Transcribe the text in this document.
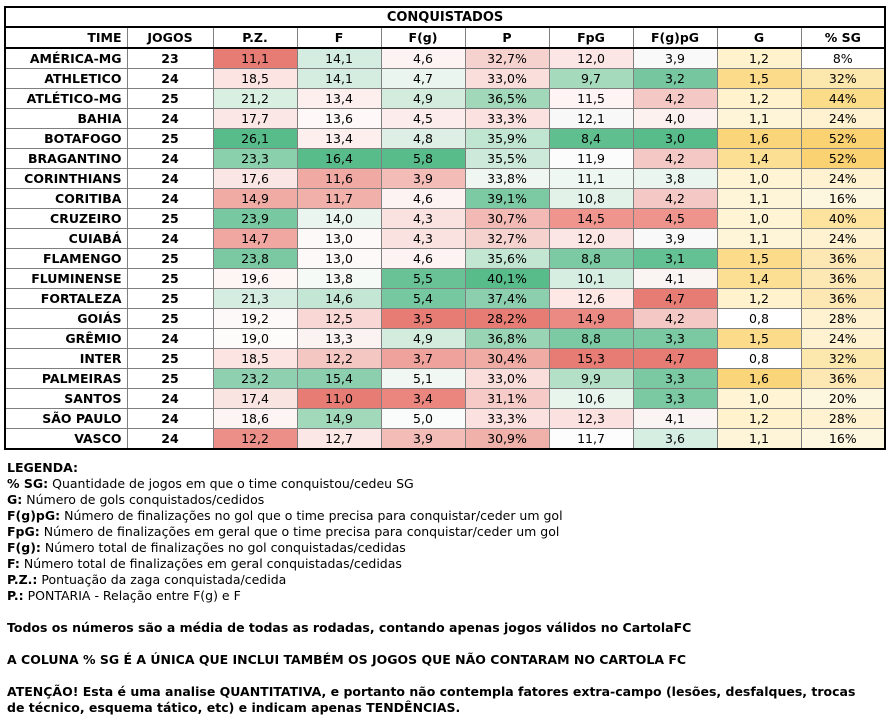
CONQUISTADOS									
TIME	JOGOS	P.Z.	F	F(g)	P	FpG	F(g)pG	G	% SG
AMÉRICA-MG	23	11,1	14,1	4,6	32,7%	12,0	3,9	1,2	8%
ATHLETICO	24	18,5	14,1	4,7	33,0%	9,7	3,2	1,5	32%
ATLÉTICO-MG	25	21,2	13,4	4,9	36,5%	11,5	4,2	1,2	44%
BAHIA	24	17,7	13,6	4,5	33,3%	12,1	4,0	1,1	24%
BOTAFOGO	25	26,1	13,4	4,8	35,9%	8,4	3,0	1,6	52%
BRAGANTINO	24	23,3	16,4	5,8	35,5%	11,9	4,2	1,4	52%
CORINTHIANS	24	17,6	11,6	3,9	33,8%	11,1	3,8	1,0	24%
CORITIBA	24	14,9	11,7	4,6	39,1%	10,8	4,2	1,1	16%
CRUZEIRO	25	23,9	14,0	4,3	30,7%	14,5	4,5	1,0	40%
CUIABÁ	24	14,7	13,0	4,3	32,7%	12,0	3,9	1,1	24%
FLAMENGO	25	23,8	13,0	4,6	35,6%	8,8	3,1	1,5	36%
FLUMINENSE	25	19,6	13,8	5,5	40,1%	10,1	4,1	1,4	36%
FORTALEZA	25	21,3	14,6	5,4	37,4%	12,6	4,7	1,2	36%
GOIÁS	25	19,2	12,5	3,5	28,2%	14,9	4,2	0,8	28%
GRÊMIO	24	19,0	13,3	4,9	36,8%	8,8	3,3	1,5	24%
INTER	25	18,5	12,2	3,7	30,4%	15,3	4,7	0,8	32%
PALMEIRAS	25	23,2	15,4	5,1	33,0%	9,9	3,3	1,6	36%
SANTOS	24	17,4	11,0	3,4	31,1%	10,6	3,3	1,0	20%
SÃO PAULO	24	18,6	14,9	5,0	33,3%	12,3	4,1	1,2	28%
VASCO	24	12,2	12,7	3,9	30,9%	11,7	3,6	1,1	16%
LEGENDA:
% SG: Quantidade de jogos em que o time conquistou/cedeu SG
G: Número de gols conquistados/cedidos
F(g)pG: Número de finalizações no gol que o time precisa para conquistar/ceder um gol
FpG: Número de finalizações em geral que o time precisa para conquistar/ceder um gol
F(g): Número total de finalizações no gol conquistadas/cedidas
F: Número total de finalizações em geral conquistadas/cedidas
P.Z.: Pontuação da zaga conquistada/cedida
P.: PONTARIA - Relação entre F(g) e F
Todos os números são a média de todas as rodadas, contando apenas jogos válidos no CartolaFC
A COLUNA % SG É A ÚNICA QUE INCLUI TAMBÉM OS JOGOS QUE NÃO CONTARAM NO CARTOLA FC
ATENÇÃO! Esta é uma analise QUANTITATIVA, e portanto não contempla fatores extra-campo (lesões, desfalques, trocas de técnico, esquema tático, etc) e indicam apenas TENDÊNCIAS.
